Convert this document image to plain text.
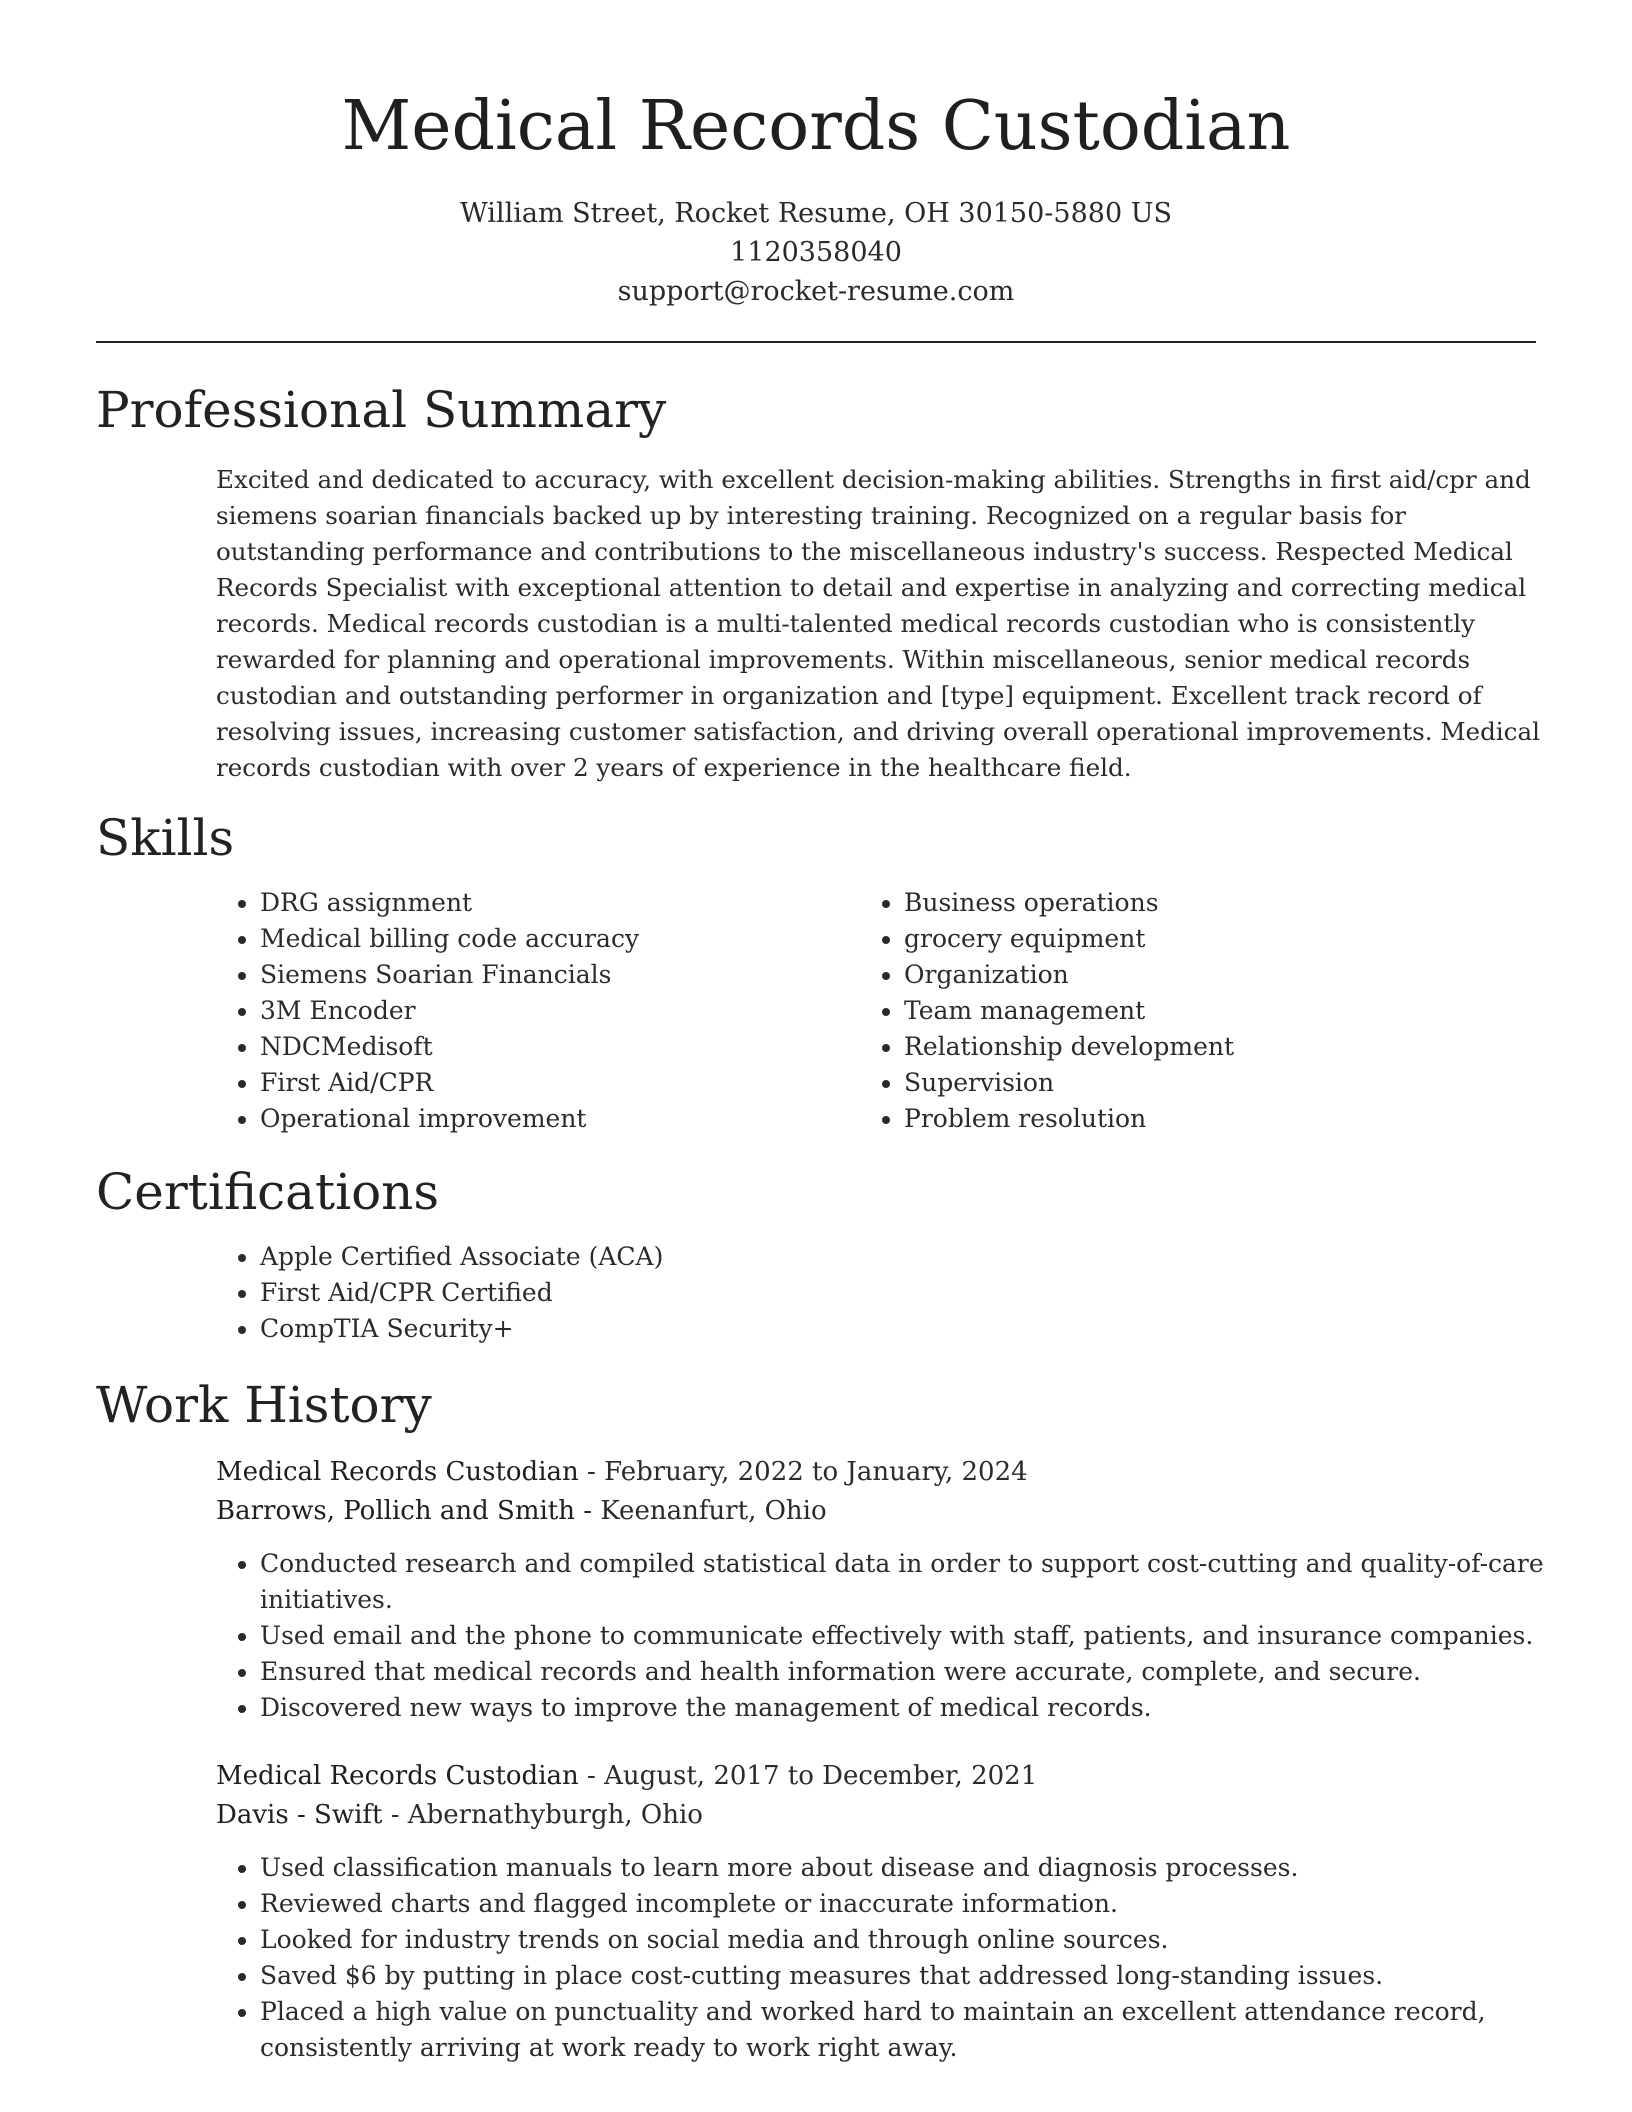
Medical Records Custodian
William Street, Rocket Resume, OH 30150-5880 US
1120358040
support@rocket-resume.com
Professional Summary
Excited and dedicated to accuracy, with excellent decision-making abilities. Strengths in first aid/cpr and siemens soarian financials backed up by interesting training. Recognized on a regular basis for outstanding performance and contributions to the miscellaneous industry's success. Respected Medical Records Specialist with exceptional attention to detail and expertise in analyzing and correcting medical records. Medical records custodian is a multi-talented medical records custodian who is consistently rewarded for planning and operational improvements. Within miscellaneous, senior medical records custodian and outstanding performer in organization and [type] equipment. Excellent track record of resolving issues, increasing customer satisfaction, and driving overall operational improvements. Medical records custodian with over 2 years of experience in the healthcare field.
Skills
• DRG assignment
• Medical billing code accuracy
• Siemens Soarian Financials
• 3M Encoder
• NDCMedisoft
• First Aid/CPR
• Operational improvement
• Business operations
• grocery equipment
• Organization
• Team management
• Relationship development
• Supervision
• Problem resolution
Certifications
• Apple Certified Associate (ACA)
• First Aid/CPR Certified
• CompTIA Security+
Work History
Medical Records Custodian - February, 2022 to January, 2024
Barrows, Pollich and Smith - Keenanfurt, Ohio
• Conducted research and compiled statistical data in order to support cost-cutting and quality-of-care initiatives.
• Used email and the phone to communicate effectively with staff, patients, and insurance companies.
• Ensured that medical records and health information were accurate, complete, and secure.
• Discovered new ways to improve the management of medical records.
Medical Records Custodian - August, 2017 to December, 2021
Davis - Swift - Abernathyburgh, Ohio
• Used classification manuals to learn more about disease and diagnosis processes.
• Reviewed charts and flagged incomplete or inaccurate information.
• Looked for industry trends on social media and through online sources.
• Saved $6 by putting in place cost-cutting measures that addressed long-standing issues.
• Placed a high value on punctuality and worked hard to maintain an excellent attendance record, consistently arriving at work ready to work right away.
